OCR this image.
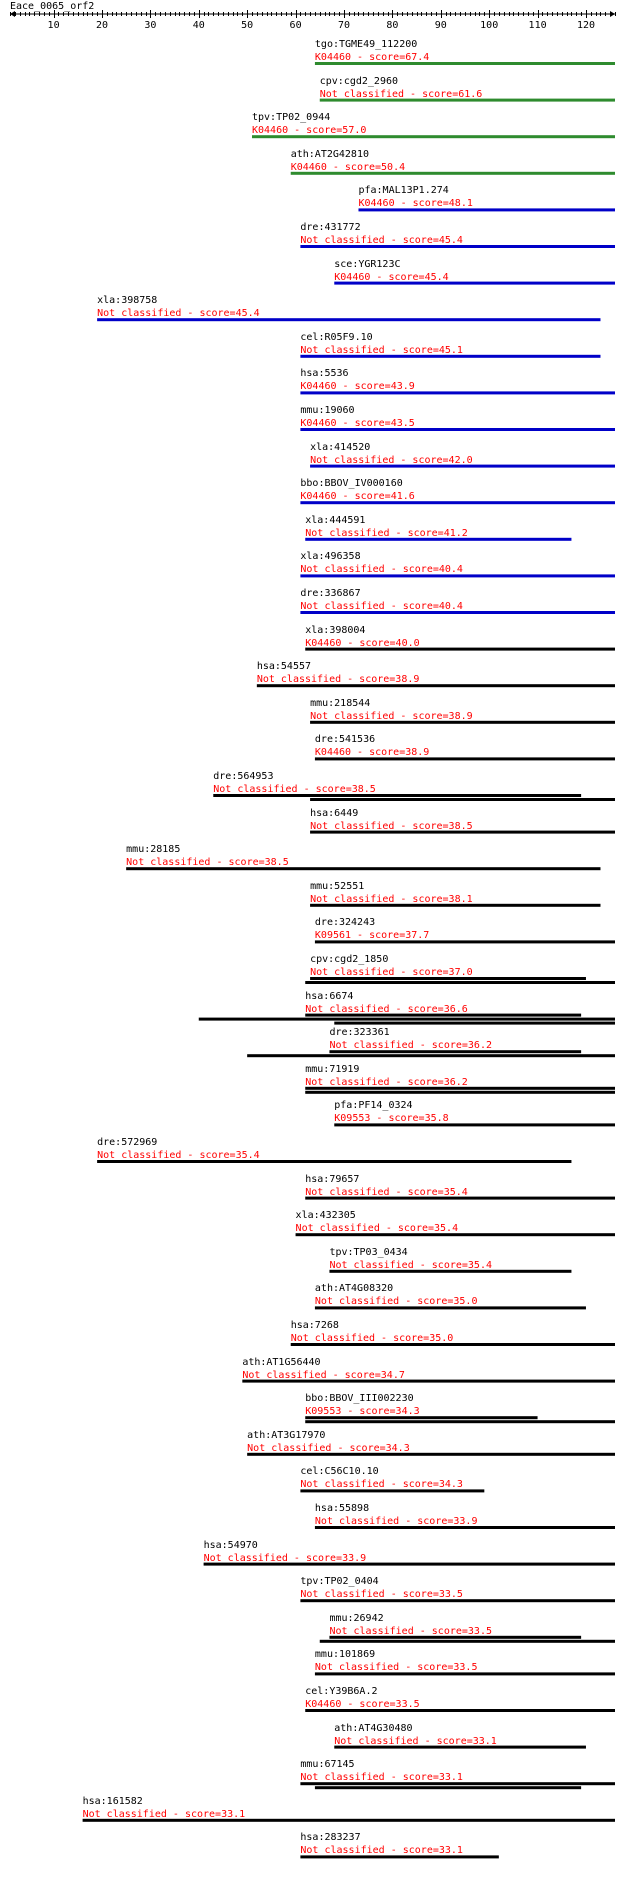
Eace_0065_orf2
10	20	30	40	50	60	70	80	90	100	110	120
tgo:TGME49_112200
K04460 - score=67.4
cpv:cgd2_2960
Not classified - score=61.6
tpv:TP02_0944
K04460 - score=57.0
ath:AT2G42810
K04460 - score=50.4
pfa:MAL13P1.274
K04460 - score=48.1
dre:431772
Not classified - score=45.4
sce:YGR123C
K04460 - score=45.4
xla:398758
Not classified - score=45.4
cel:R05F9.10
Not classified - score=45.1
hsa:5536
K04460 - score=43.9
mmu:19060
K04460 - score=43.5
xla:414520
Not classified - score=42.0
bbo:BBOV_IV000160
K04460 - score=41.6
xla:444591
Not classified - score=41.2
xla:496358
Not classified - score=40.4
dre:336867
Not classified - score=40.4
xla:398004
K04460 - score=40.0
hsa:54557
Not classified - score=38.9
mmu:218544
Not classified - score=38.9
dre:541536
K04460 - score=38.9
dre:564953
Not classified - score=38.5
hsa:6449
Not classified - score=38.5
mmu:28185
Not classified - score=38.5
mmu:52551
Not classified - score=38.1
dre:324243
K09561 - score=37.7
cpv:cgd2_1850
Not classified - score=37.0
hsa:6674
Not classified - score=36.6
dre:323361
Not classified - score=36.2
mmu:71919
Not classified - score=36.2
pfa:PF14_0324
K09553 - score=35.8
dre:572969
Not classified - score=35.4
hsa:79657
Not classified - score=35.4
xla:432305
Not classified - score=35.4
tpv:TP03_0434
Not classified - score=35.4
ath:AT4G08320
Not classified - score=35.0
hsa:7268
Not classified - score=35.0
ath:AT1G56440
Not classified - score=34.7
bbo:BBOV_III002230
K09553 - score=34.3
ath:AT3G17970
Not classified - score=34.3
cel:C56C10.10
Not classified - score=34.3
hsa:55898
Not classified - score=33.9
hsa:54970
Not classified - score=33.9
tpv:TP02_0404
Not classified - score=33.5
mmu:26942
Not classified - score=33.5
mmu:101869
Not classified - score=33.5
cel:Y39B6A.2
K04460 - score=33.5
ath:AT4G30480
Not classified - score=33.1
mmu:67145
Not classified - score=33.1
hsa:161582
Not classified - score=33.1
hsa:283237
Not classified - score=33.1
